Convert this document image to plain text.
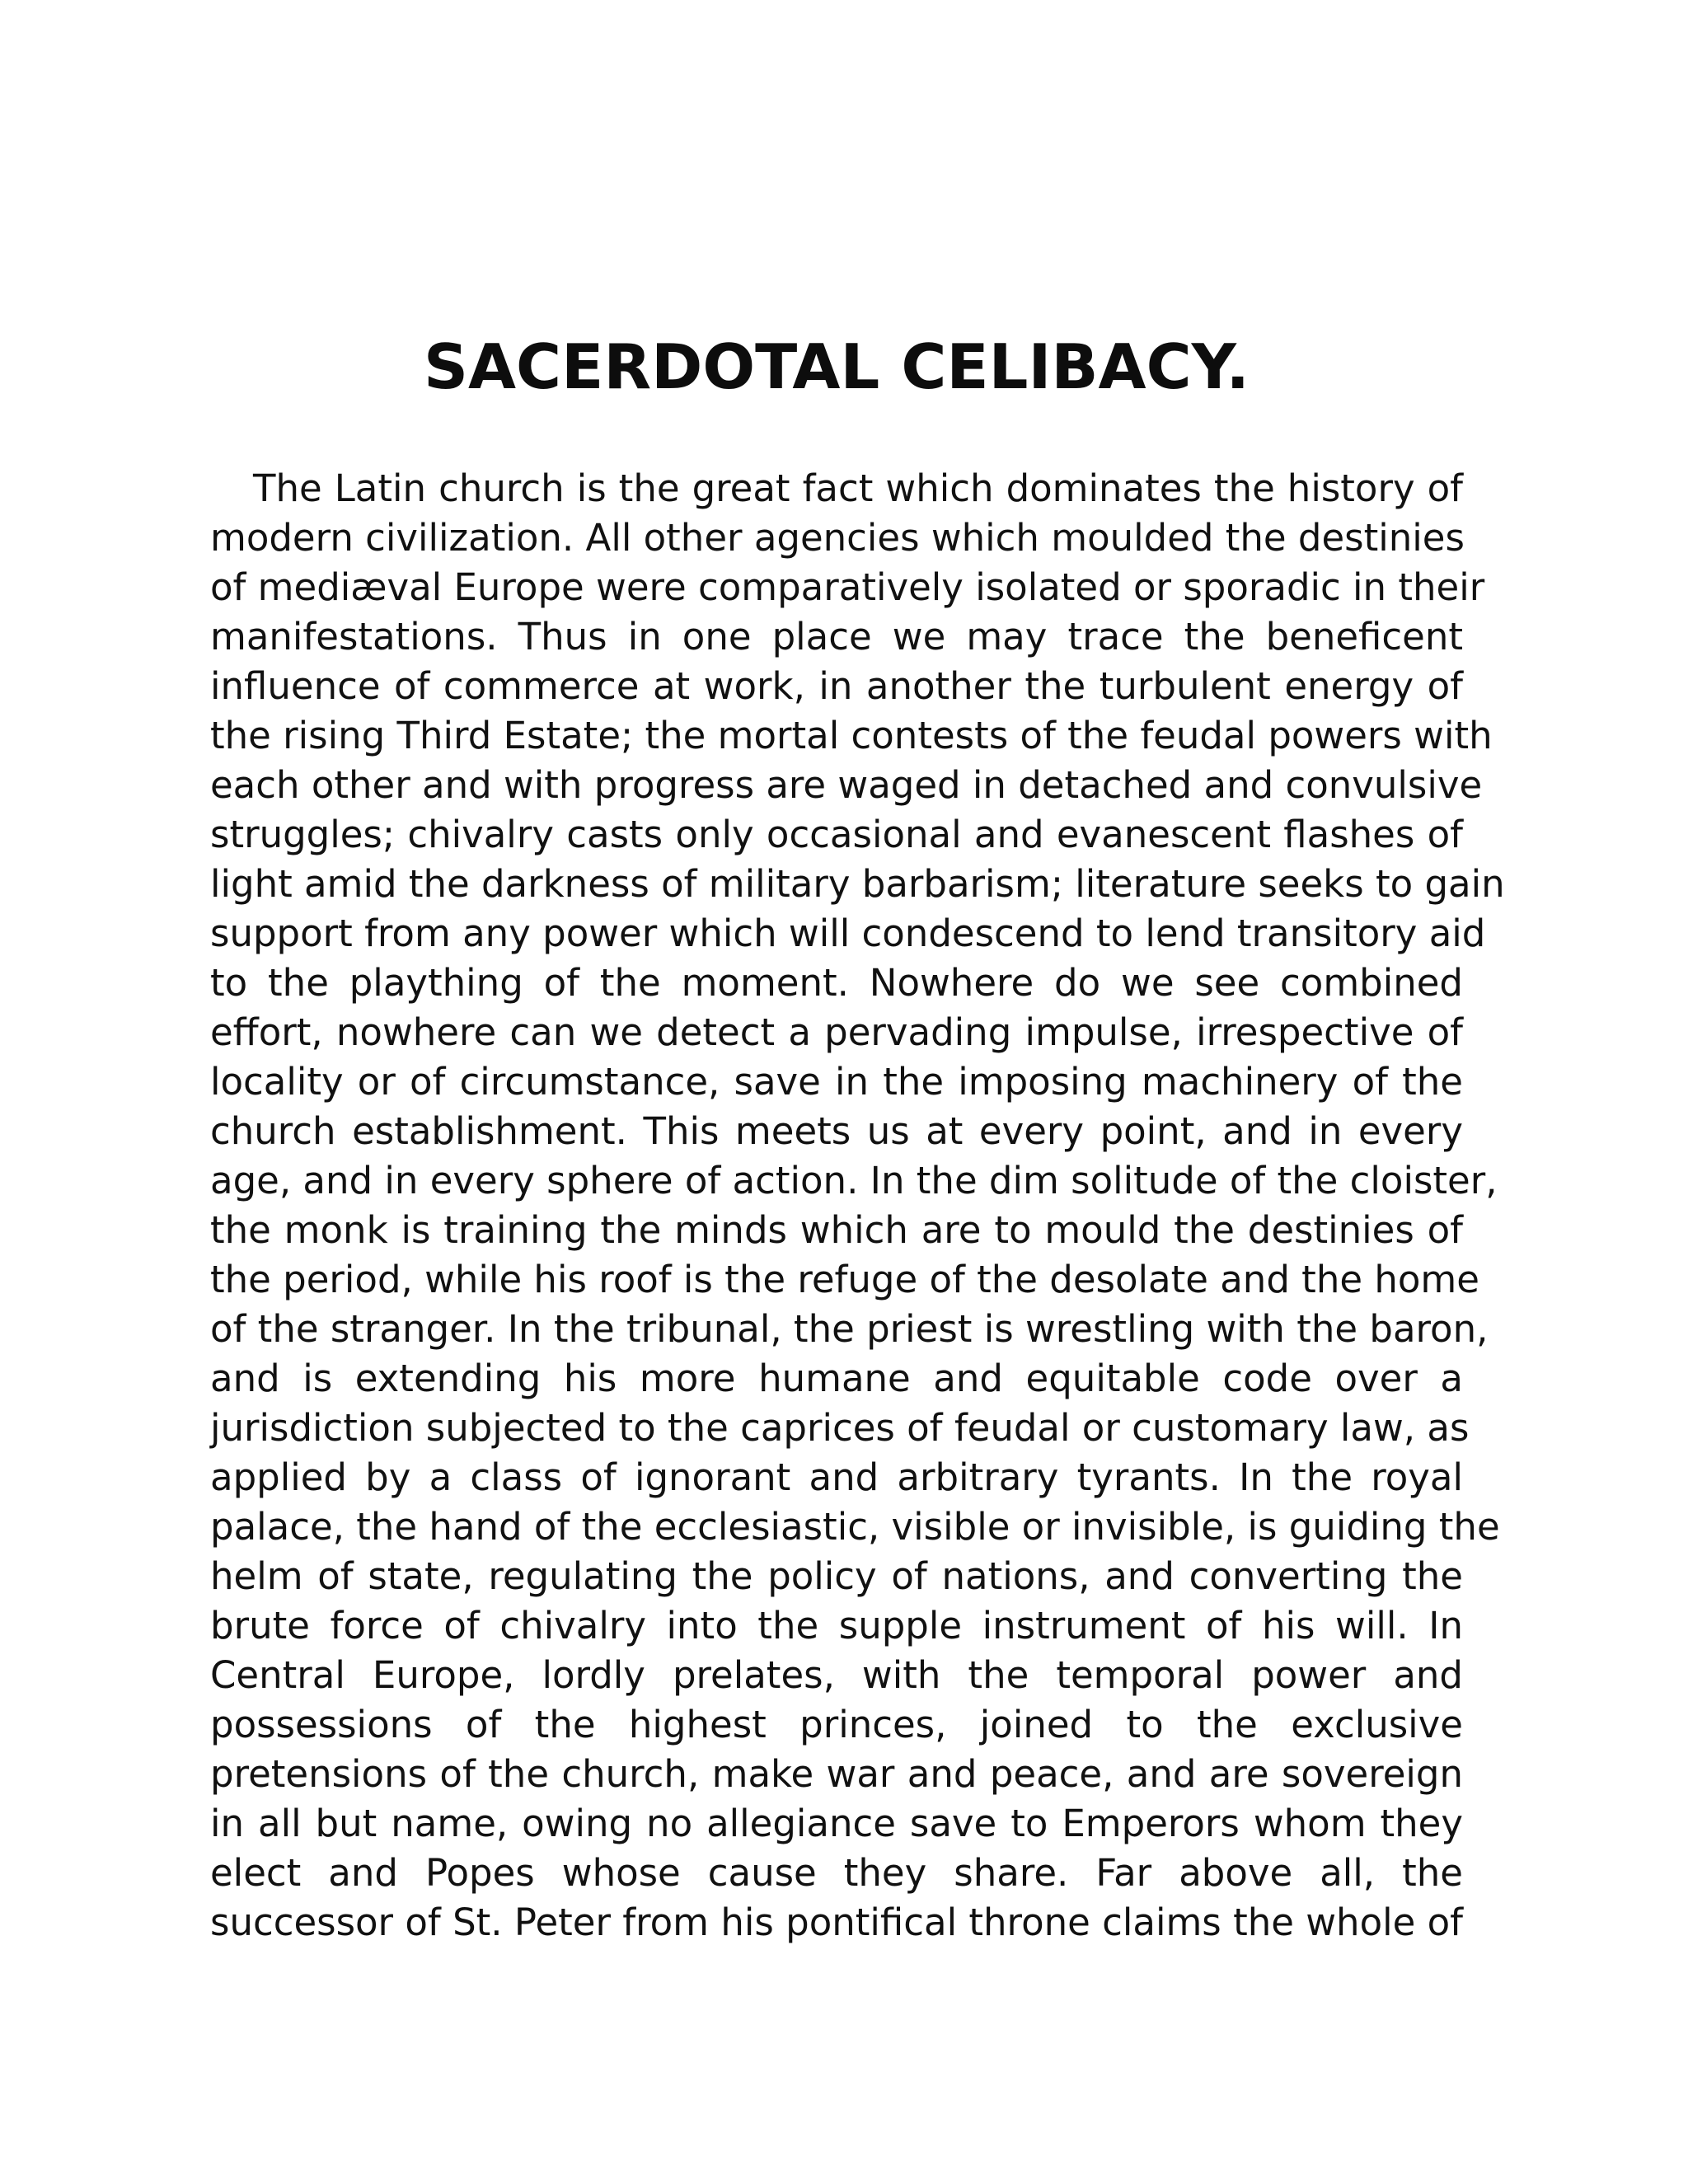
SACERDOTAL CELIBACY.
The Latin church is the great fact which dominates the history of
modern civilization. All other agencies which moulded the destinies
of mediæval Europe were comparatively isolated or sporadic in their
manifestations. Thus in one place we may trace the beneficent
influence of commerce at work, in another the turbulent energy of
the rising Third Estate; the mortal contests of the feudal powers with
each other and with progress are waged in detached and convulsive
struggles; chivalry casts only occasional and evanescent flashes of
light amid the darkness of military barbarism; literature seeks to gain
support from any power which will condescend to lend transitory aid
to the plaything of the moment. Nowhere do we see combined
effort, nowhere can we detect a pervading impulse, irrespective of
locality or of circumstance, save in the imposing machinery of the
church establishment. This meets us at every point, and in every
age, and in every sphere of action. In the dim solitude of the cloister,
the monk is training the minds which are to mould the destinies of
the period, while his roof is the refuge of the desolate and the home
of the stranger. In the tribunal, the priest is wrestling with the baron,
and is extending his more humane and equitable code over a
jurisdiction subjected to the caprices of feudal or customary law, as
applied by a class of ignorant and arbitrary tyrants. In the royal
palace, the hand of the ecclesiastic, visible or invisible, is guiding the
helm of state, regulating the policy of nations, and converting the
brute force of chivalry into the supple instrument of his will. In
Central Europe, lordly prelates, with the temporal power and
possessions of the highest princes, joined to the exclusive
pretensions of the church, make war and peace, and are sovereign
in all but name, owing no allegiance save to Emperors whom they
elect and Popes whose cause they share. Far above all, the
successor of St. Peter from his pontifical throne claims the whole of
